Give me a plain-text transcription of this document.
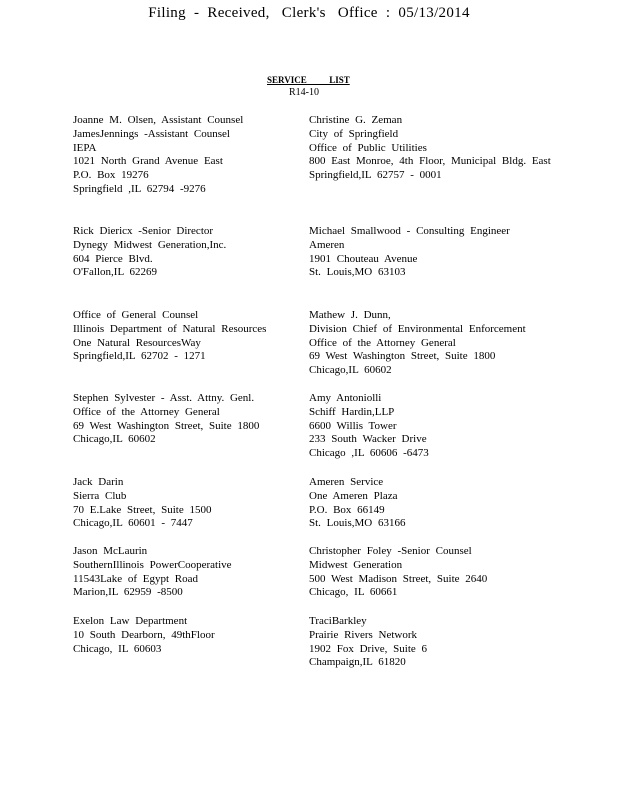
Filing  -  Received,   Clerk's   Office  :  05/13/2014
SERVICE          LIST
R14-10
Joanne M. Olsen, Assistant Counsel
JamesJennings -Assistant Counsel
IEPA
1021 North Grand Avenue East
P.O. Box 19276
Springfield ,IL 62794 -9276
Rick Diericx -Senior Director
Dynegy Midwest Generation,Inc.
604 Pierce Blvd.
O'Fallon,IL 62269
Office of General Counsel
Illinois Department of Natural Resources
One Natural ResourcesWay
Springfield,IL 62702 - 1271
Stephen Sylvester - Asst. Attny. Genl.
Office of the Attorney General
69 West Washington Street, Suite 1800
Chicago,IL 60602
Jack Darin
Sierra Club
70 E.Lake Street, Suite 1500
Chicago,IL 60601 - 7447
Jason McLaurin
SouthernIllinois PowerCooperative
11543Lake of Egypt Road
Marion,IL 62959 -8500
Exelon Law Department
10 South Dearborn, 49thFloor
Chicago, IL 60603
Christine G. Zeman
City of Springfield
Office of Public Utilities
800 East Monroe, 4th Floor, Municipal Bldg. East
Springfield,IL 62757 - 0001
Michael Smallwood - Consulting Engineer
Ameren
1901 Chouteau Avenue
St. Louis,MO 63103
Mathew J. Dunn,
Division Chief of Environmental Enforcement
Office of the Attorney General
69 West Washington Street, Suite 1800
Chicago,IL 60602
Amy Antoniolli
Schiff Hardin,LLP
6600 Willis Tower
233 South Wacker Drive
Chicago ,IL 60606 -6473
Ameren Service
One Ameren Plaza
P.O. Box 66149
St. Louis,MO 63166
Christopher Foley -Senior Counsel
Midwest Generation
500 West Madison Street, Suite 2640
Chicago, IL 60661
TraciBarkley
Prairie Rivers Network
1902 Fox Drive, Suite 6
Champaign,IL 61820
